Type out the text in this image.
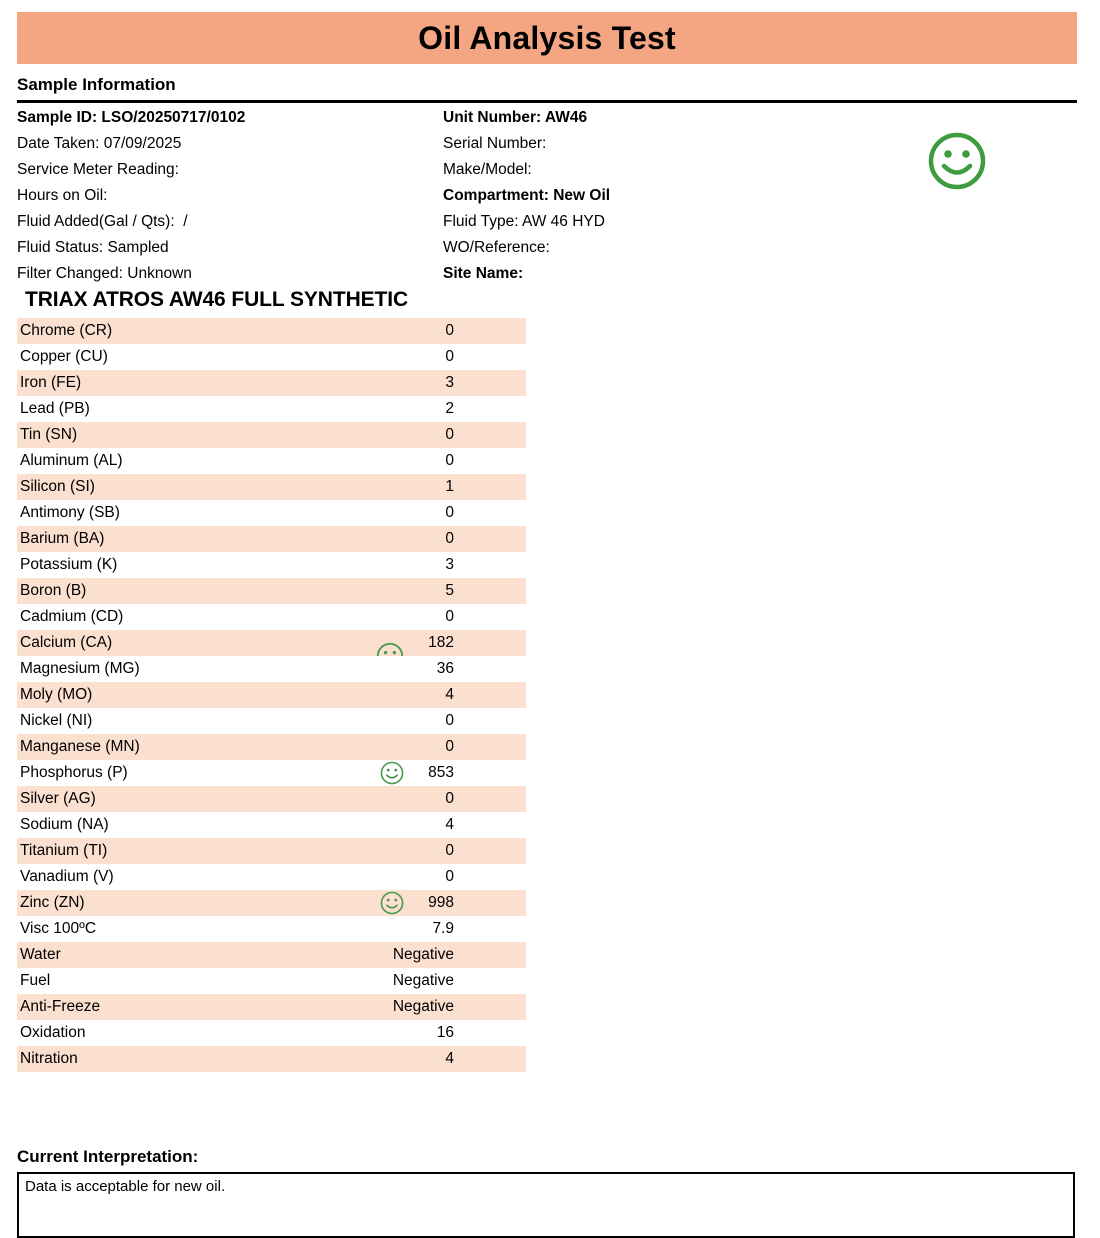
Oil Analysis Test
Sample Information
Sample ID: LSO/20250717/0102
Date Taken: 07/09/2025
Service Meter Reading:
Hours on Oil:
Fluid Added(Gal / Qts):  /
Fluid Status: Sampled
Filter Changed: Unknown
Unit Number: AW46
Serial Number:
Make/Model:
Compartment: New Oil
Fluid Type: AW 46 HYD
WO/Reference:
Site Name:
TRIAX ATROS AW46 FULL SYNTHETIC
Chrome (CR)	0
Copper (CU)	0
Iron (FE)	3
Lead (PB)	2
Tin (SN)	0
Aluminum (AL)	0
Silicon (SI)	1
Antimony (SB)	0
Barium (BA)	0
Potassium (K)	3
Boron (B)	5
Cadmium (CD)	0
Calcium (CA)	182
Magnesium (MG)	36
Moly (MO)	4
Nickel (NI)	0
Manganese (MN)	0
Phosphorus (P)	853
Silver (AG)	0
Sodium (NA)	4
Titanium (TI)	0
Vanadium (V)	0
Zinc (ZN)	998
Visc 100ºC	7.9
Water	Negative
Fuel	Negative
Anti-Freeze	Negative
Oxidation	16
Nitration	4
Current Interpretation:
Data is acceptable for new oil.
